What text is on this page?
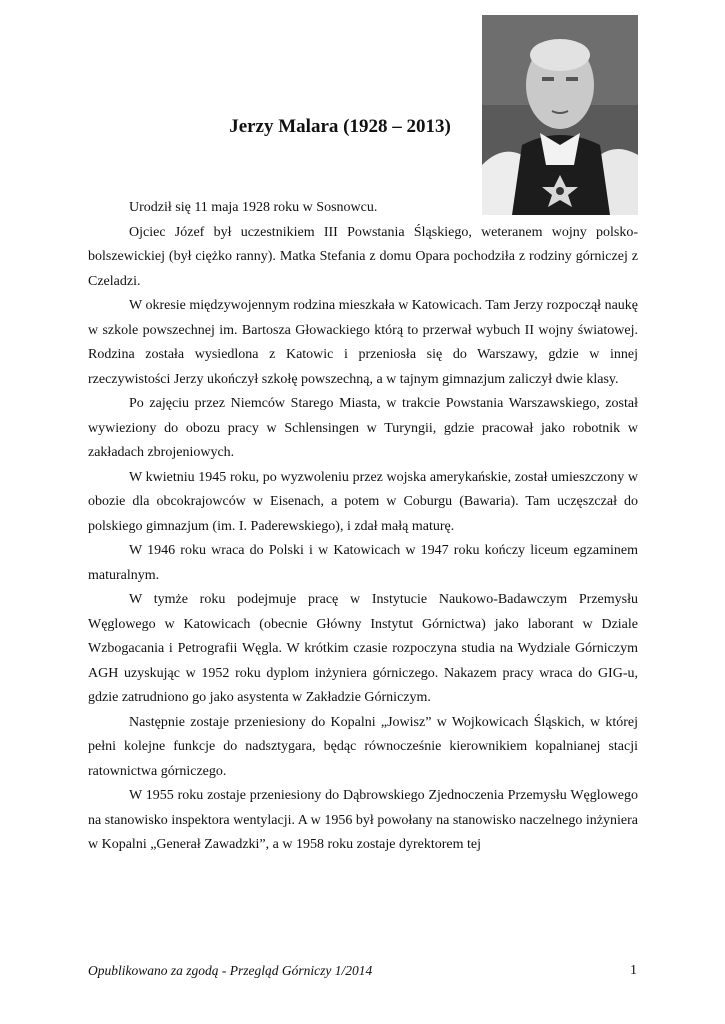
Jerzy Malara (1928 – 2013)

Urodził się 11 maja 1928 roku w Sosnowcu.

Ojciec Józef był uczestnikiem III Powstania Śląskiego, weteranem wojny polsko-bolszewickiej (był ciężko ranny). Matka Stefania z domu Opara pochodziła z rodziny górniczej z Czeladzi.

W okresie międzywojennym rodzina mieszkała w Katowicach. Tam Jerzy rozpoczął naukę w szkole powszechnej im. Bartosza Głowackiego którą to przerwał wybuch II wojny światowej. Rodzina została wysiedlona z Katowic i przeniosła się do Warszawy, gdzie w innej rzeczywistości Jerzy ukończył szkołę powszechną, a w tajnym gimnazjum zaliczył dwie klasy.

Po zajęciu przez Niemców Starego Miasta, w trakcie Powstania Warszawskiego, został wywieziony do obozu pracy w Schlensingen w Turyngii, gdzie pracował jako robotnik w zakładach zbrojeniowych.

W kwietniu 1945 roku, po wyzwoleniu przez wojska amerykańskie, został umieszczony w obozie dla obcokrajowców w Eisenach, a potem w Coburgu (Bawaria). Tam uczęszczał do polskiego gimnazjum (im. I. Paderewskiego), i zdał małą maturę.

W 1946 roku wraca do Polski i w Katowicach w 1947 roku kończy liceum egzaminem maturalnym.

W tymże roku podejmuje pracę w Instytucie Naukowo-Badawczym Przemysłu Węglowego w Katowicach (obecnie Główny Instytut Górnictwa) jako laborant w Dziale Wzbogacania i Petrografii Węgla. W krótkim czasie rozpoczyna studia na Wydziale Górniczym AGH uzyskując w 1952 roku dyplom inżyniera górniczego. Nakazem pracy wraca do GIG-u, gdzie zatrudniono go jako asystenta w Zakładzie Górniczym.

Następnie zostaje przeniesiony do Kopalni „Jowisz” w Wojkowicach Śląskich, w której pełni kolejne funkcje do nadsztygara, będąc równocześnie kierownikiem kopalnianej stacji ratownictwa górniczego.

W 1955 roku zostaje przeniesiony do Dąbrowskiego Zjednoczenia Przemysłu Węglowego na stanowisko inspektora wentylacji. A w 1956 był powołany na stanowisko naczelnego inżyniera w Kopalni „Generał Zawadzki”, a w 1958 roku zostaje dyrektorem tej

Opublikowano za zgodą - Przegląd Górniczy 1/2014	1
